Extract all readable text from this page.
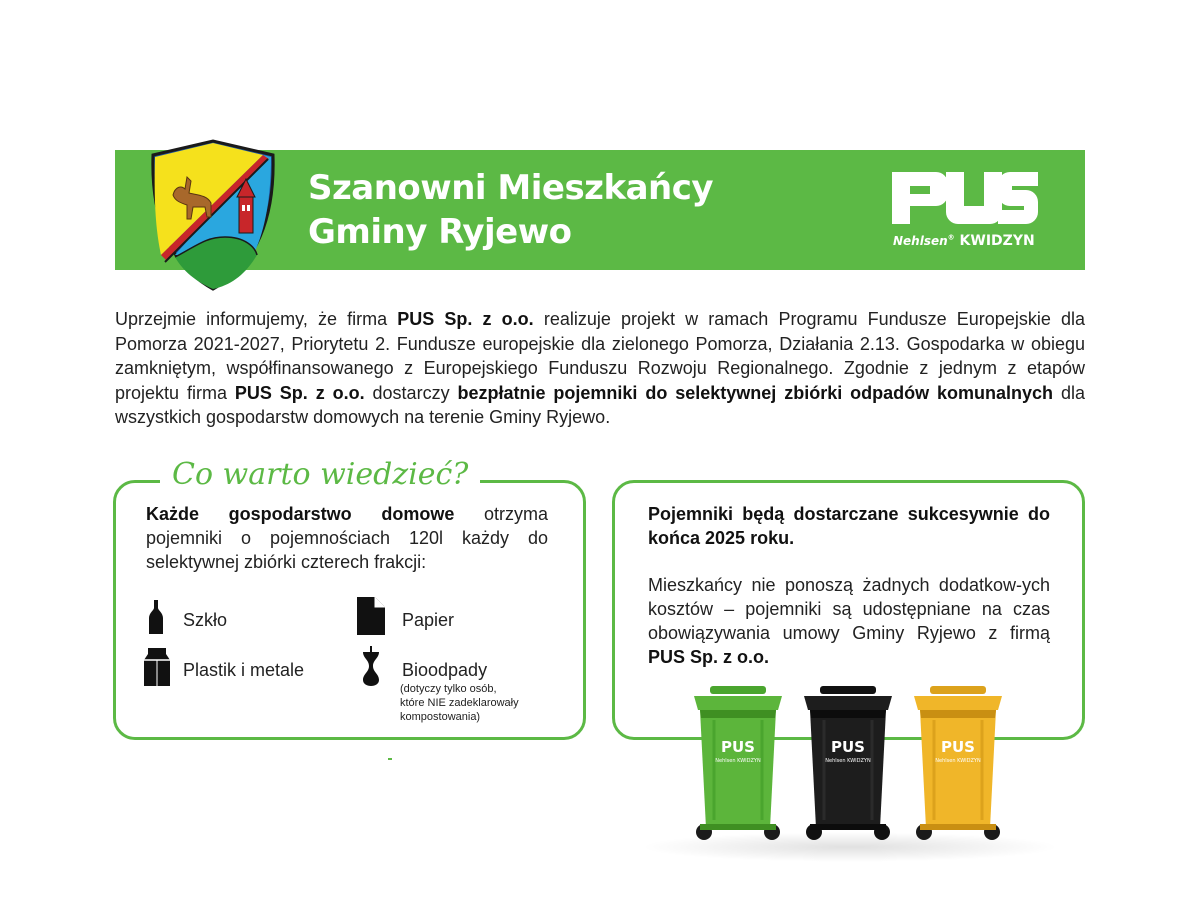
Szanowni Mieszkańcy
Gminy Ryjewo	Nehlsen® KWIDZYN
Uprzejmie informujemy, że firma PUS Sp. z o.o. realizuje projekt w ramach Programu Fundusze Europejskie dla Pomorza 2021-2027, Priorytetu 2. Fundusze europejskie dla zielonego Pomorza, Działania 2.13. Gospodarka w obiegu zamkniętym, współfinansowanego z Europejskiego Funduszu Rozwoju Regionalnego. Zgodnie z jednym z etapów projektu firma PUS Sp. z o.o. dostarczy bezpłatnie pojemniki do selektywnej zbiórki odpadów komunalnych dla wszystkich gospodarstw domowych na terenie Gminy Ryjewo.
Co warto wiedzieć?
Każde gospodarstwo domowe otrzyma pojemniki o pojemnościach 120l każdy do selektywnej zbiórki czterech frakcji:
Szkło	Papier
Plastik i metale	Bioodpady
(dotyczy tylko osób,
które NIE zadeklarowały
kompostowania)

Pojemniki będą dostarczane sukcesywnie do końca 2025 roku.

Mieszkańcy nie ponoszą żadnych dodatkow-ych kosztów – pojemniki są udostępniane na czas obowiązywania umowy Gminy Ryjewo z firmą PUS Sp. z o.o.

PUS
Nehlsen KWIDZYN
PUS
Nehlsen KWIDZYN
PUS
Nehlsen KWIDZYN
